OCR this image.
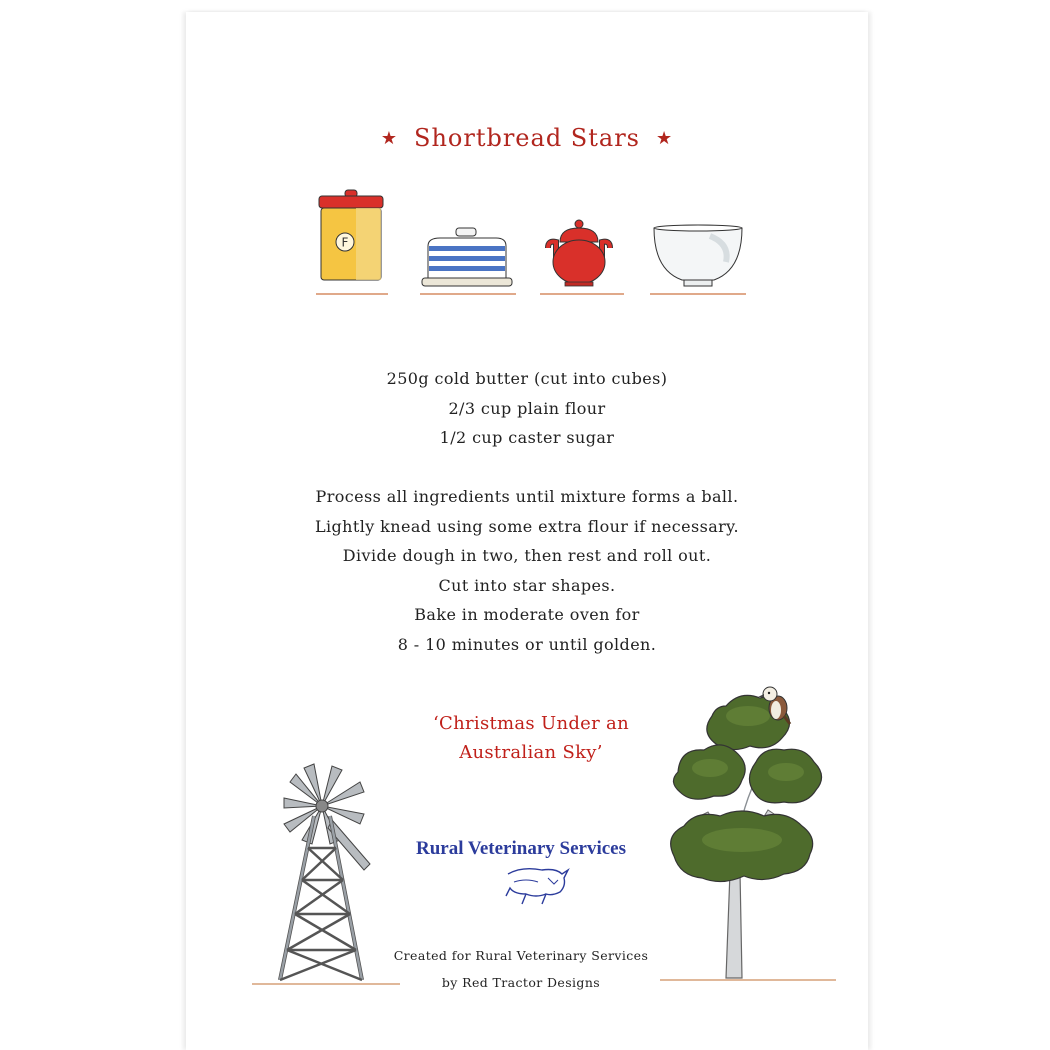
★ Shortbread Stars ★
F
250g cold butter (cut into cubes)
2/3 cup plain flour
1/2 cup caster sugar
Process all ingredients until mixture forms a ball.
Lightly knead using some extra flour if necessary.
Divide dough in two, then rest and roll out.
Cut into star shapes.
Bake in moderate oven for
8 - 10 minutes or until golden.
‘Christmas Under an
Australian Sky’
Rural Veterinary Services
Created for Rural Veterinary Services
by Red Tractor Designs
